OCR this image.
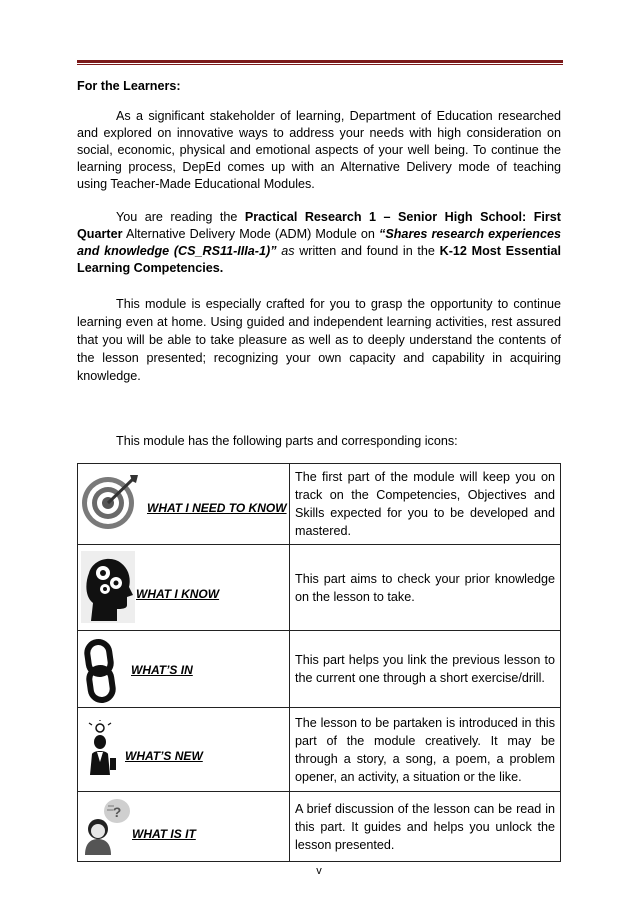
For the Learners:

As a significant stakeholder of learning, Department of Education researched and explored on innovative ways to address your needs with high consideration on social, economic, physical and emotional aspects of your well being. To continue the learning process, DepEd comes up with an Alternative Delivery mode of teaching using Teacher-Made Educational Modules.

You are reading the Practical Research 1 – Senior High School: First Quarter Alternative Delivery Mode (ADM) Module on “Shares research experiences and knowledge (CS_RS11-IIIa-1)” as written and found in the K-12 Most Essential Learning Competencies.

This module is especially crafted for you to grasp the opportunity to continue learning even at home. Using guided and independent learning activities, rest assured that you will be able to take pleasure as well as to deeply understand the contents of the lesson presented; recognizing your own capacity and capability in acquiring knowledge.

This module has the following parts and corresponding icons:

WHAT I NEED TO KNOW	The first part of the module will keep you on track on the Competencies, Objectives and Skills expected for you to be developed and mastered.

WHAT I KNOW	This part aims to check your prior knowledge on the lesson to take.

WHAT’S IN	This part helps you link the previous lesson to the current one through a short exercise/drill.

WHAT’S NEW	The lesson to be partaken is introduced in this part of the module creatively. It may be through a story, a song, a poem, a problem opener, an activity, a situation or the like.

?
WHAT IS IT	A brief discussion of the lesson can be read in this part. It guides and helps you unlock the lesson presented.
v
